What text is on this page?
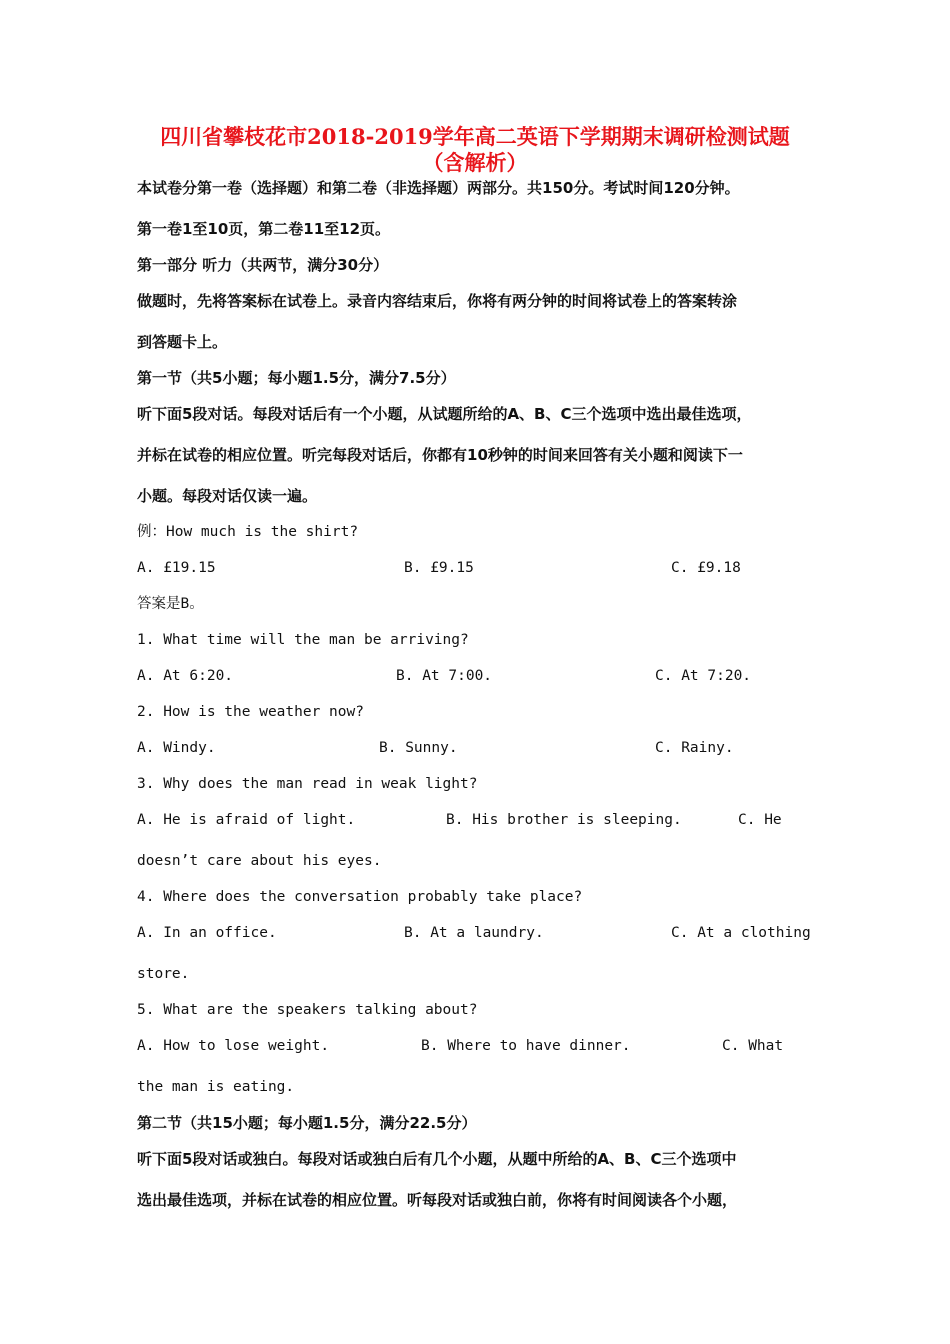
四川省攀枝花市2018-2019学年高二英语下学期期末调研检测试题
（含解析）
本试卷分第一卷（选择题）和第二卷（非选择题）两部分。共150分。考试时间120分钟。
第一卷1至10页，第二卷11至12页。
第一部分 听力（共两节，满分30分）
做题时，先将答案标在试卷上。录音内容结束后，你将有两分钟的时间将试卷上的答案转涂
到答题卡上。
第一节（共5小题；每小题1.5分，满分7.5分）
听下面5段对话。每段对话后有一个小题，从试题所给的A、B、C三个选项中选出最佳选项，
并标在试卷的相应位置。听完每段对话后，你都有10秒钟的时间来回答有关小题和阅读下一
小题。每段对话仅读一遍。
例：How much is the shirt?
A. £19.15	B. £9.15	C. £9.18
答案是B。
1. What time will the man be arriving?
A. At 6:20.	B. At 7:00.	C. At 7:20.
2. How is the weather now?
A. Windy.	B. Sunny.	C. Rainy.
3. Why does the man read in weak light?
A. He is afraid of light.	B. His brother is sleeping.	C. He
doesn’t care about his eyes.
4. Where does the conversation probably take place?
A. In an office.	B. At a laundry.	C. At a clothing
store.
5. What are the speakers talking about?
A. How to lose weight.	B. Where to have dinner.	C. What
the man is eating.
第二节（共15小题；每小题1.5分，满分22.5分）
听下面5段对话或独白。每段对话或独白后有几个小题，从题中所给的A、B、C三个选项中
选出最佳选项，并标在试卷的相应位置。听每段对话或独白前，你将有时间阅读各个小题，
